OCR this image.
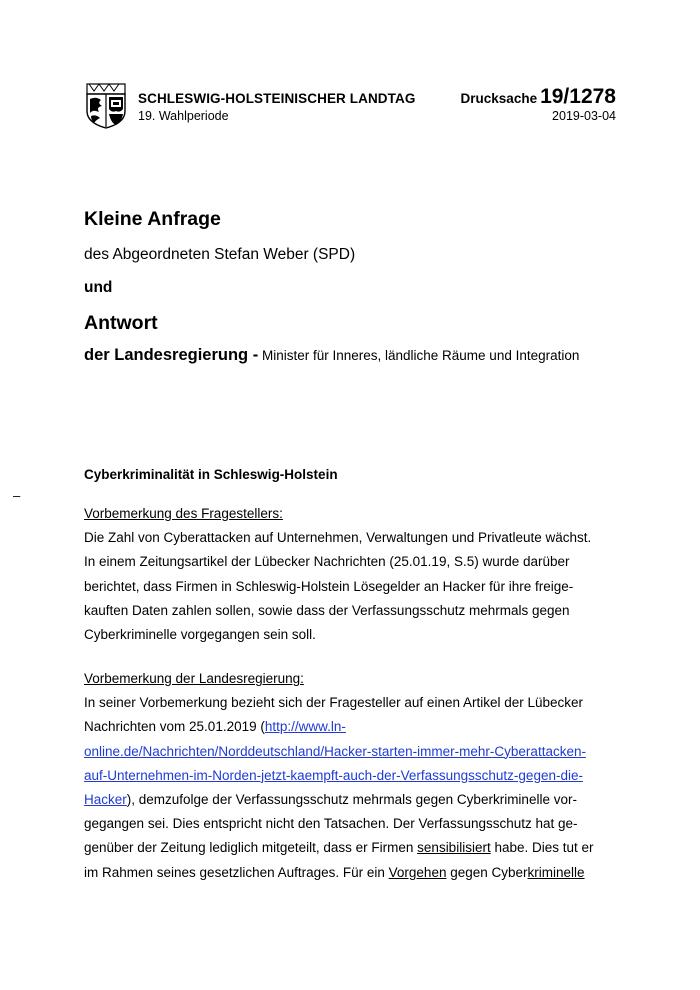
SCHLESWIG-HOLSTEINISCHER LANDTAG
19. Wahlperiode
Drucksache 19/1278
2019-03-04
Kleine Anfrage
des Abgeordneten Stefan Weber (SPD)
und
Antwort
der Landesregierung - Minister für Inneres, ländliche Räume und Integration
Cyberkriminalität in Schleswig-Holstein
–
Vorbemerkung des Fragestellers:
Die Zahl von Cyberattacken auf Unternehmen, Verwaltungen und Privatleute wächst.
In einem Zeitungsartikel der Lübecker Nachrichten (25.01.19, S.5) wurde darüber
berichtet, dass Firmen in Schleswig-Holstein Lösegelder an Hacker für ihre freige-
kauften Daten zahlen sollen, sowie dass der Verfassungsschutz mehrmals gegen
Cyberkriminelle vorgegangen sein soll.
Vorbemerkung der Landesregierung:
In seiner Vorbemerkung bezieht sich der Fragesteller auf einen Artikel der Lübecker
Nachrichten vom 25.01.2019 (http://www.ln-
online.de/Nachrichten/Norddeutschland/Hacker-starten-immer-mehr-Cyberattacken-
auf-Unternehmen-im-Norden-jetzt-kaempft-auch-der-Verfassungsschutz-gegen-die-
Hacker), demzufolge der Verfassungsschutz mehrmals gegen Cyberkriminelle vor-
gegangen sei. Dies entspricht nicht den Tatsachen. Der Verfassungsschutz hat ge-
genüber der Zeitung lediglich mitgeteilt, dass er Firmen sensibilisiert habe. Dies tut er
im Rahmen seines gesetzlichen Auftrages. Für ein Vorgehen gegen Cyberkriminelle
